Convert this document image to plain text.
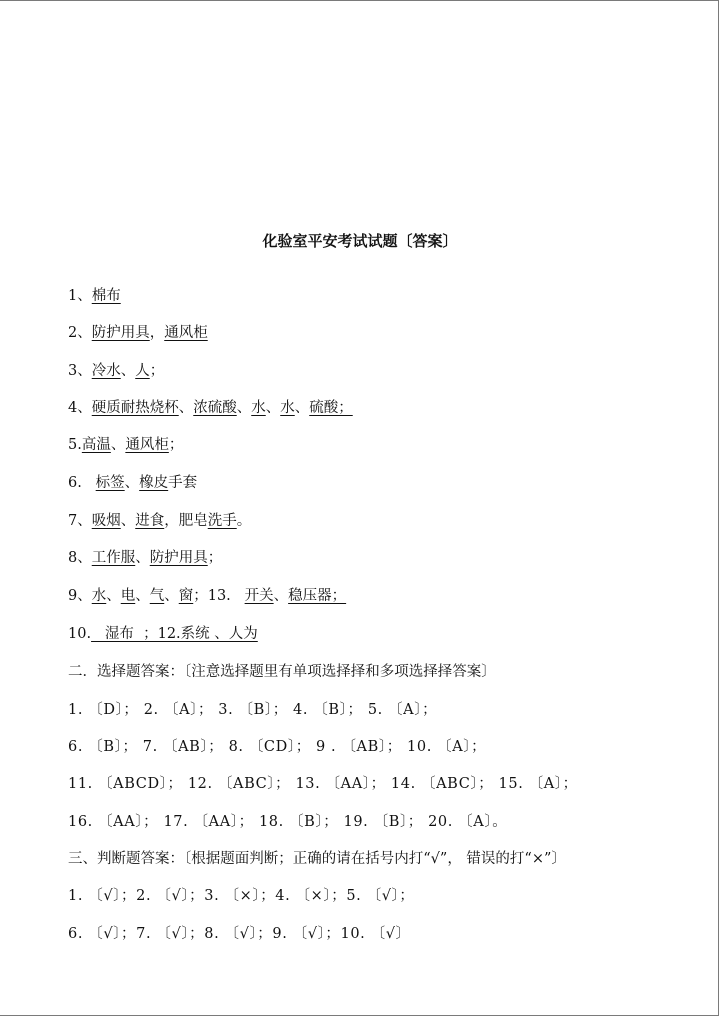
化验室平安考试试题〔答案〕
1、棉布
2、防护用具，通风柜
3、冷水、人；
4、硬质耐热烧杯、浓硫酸、水、水、硫酸；
5.高温、通风柜；
6.   标签、橡皮手套
7、吸烟、进食，肥皂洗手。
8、工作服、防护用具；
9、水、电、气、窗；13.   开关、稳压器；
10.   湿布  ；12.系统 、人为
二．选择题答案：〔注意选择题里有单项选择择和多项选择择答案〕
1. 〔D〕； 2. 〔A〕； 3. 〔B〕； 4. 〔B〕； 5. 〔A〕；
6. 〔B〕； 7. 〔AB〕； 8. 〔CD〕； 9 . 〔AB〕； 10. 〔A〕；
11. 〔ABCD〕； 12. 〔ABC〕； 13. 〔AA〕； 14. 〔ABC〕； 15. 〔A〕；
16. 〔AA〕； 17. 〔AA〕； 18. 〔B〕； 19. 〔B〕； 20. 〔A〕。
三、判断题答案：〔根据题面判断；正确的请在括号内打“√”， 错误的打“×”〕
1. 〔√〕；2. 〔√〕；3. 〔×〕；4. 〔×〕；5. 〔√〕；
6. 〔√〕；7. 〔√〕；8. 〔√〕；9. 〔√〕；10. 〔√〕
